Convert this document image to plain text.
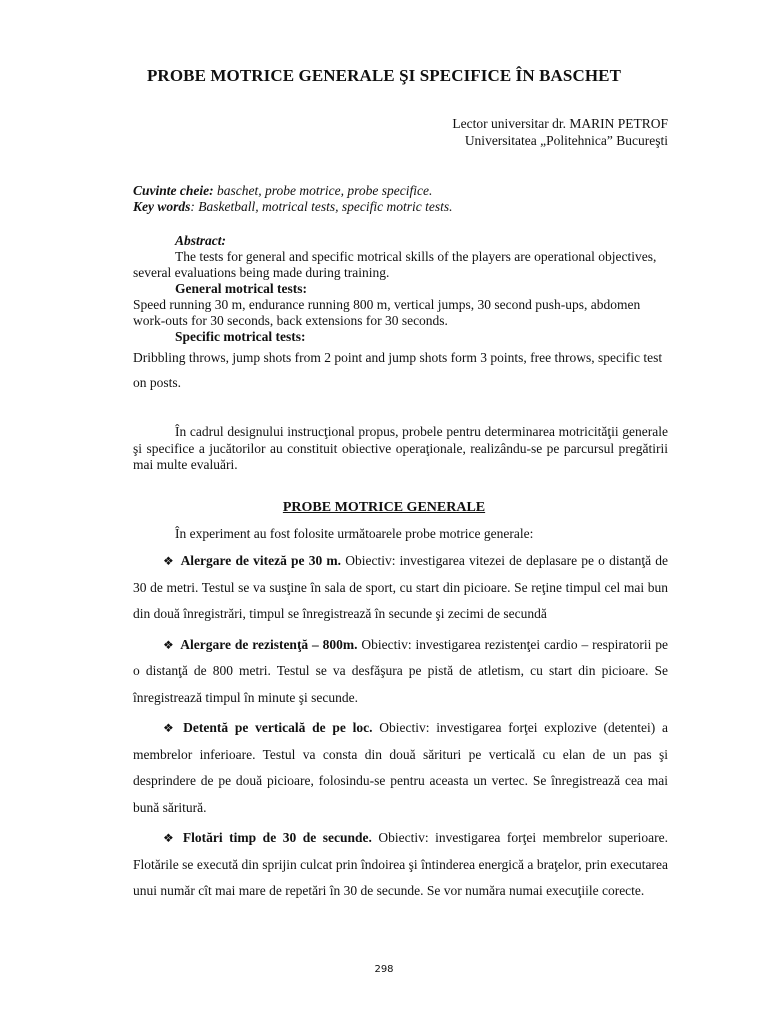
PROBE MOTRICE GENERALE ŞI SPECIFICE ÎN BASCHET
Lector universitar dr. MARIN PETROF
Universitatea „Politehnica” Bucureşti
Cuvinte cheie: baschet, probe motrice, probe specifice.
Key words: Basketball, motrical tests, specific motric tests.

Abstract:

The tests for general and specific motrical skills of the players are operational objectives, several evaluations being made during training.

General motrical tests:

Speed running 30 m, endurance running 800 m, vertical jumps, 30 second push-ups, abdomen work-outs for 30 seconds, back extensions for 30 seconds.

Specific motrical tests:

Dribbling throws, jump shots from 2 point and jump shots form 3 points, free throws, specific test on posts.

În cadrul designului instrucţional propus, probele pentru determinarea motricităţii generale şi specifice a jucătorilor au constituit obiective operaţionale, realizându-se pe parcursul pregătirii mai multe evaluări.

PROBE MOTRICE GENERALE

În experiment au fost folosite următoarele probe motrice generale:

❖ Alergare de viteză pe 30 m. Obiectiv: investigarea vitezei de deplasare pe o distanţă de 30 de metri. Testul se va susţine în sala de sport, cu start din picioare. Se reţine timpul cel mai bun din două înregistrări, timpul se înregistrează în secunde şi zecimi de secundă

❖ Alergare de rezistenţă – 800m. Obiectiv: investigarea rezistenţei cardio – respiratorii pe o distanţă de 800 metri. Testul se va desfăşura pe pistă de atletism, cu start din picioare. Se înregistrează timpul în minute şi secunde.

❖ Detentă pe verticală de pe loc. Obiectiv: investigarea forţei explozive (detentei) a membrelor inferioare. Testul va consta din două sărituri pe verticală cu elan de un pas şi desprindere de pe două picioare, folosindu-se pentru aceasta un vertec. Se înregistrează cea mai bună săritură.

❖ Flotări timp de 30 de secunde. Obiectiv: investigarea forţei membrelor superioare. Flotările se execută din sprijin culcat prin îndoirea şi întinderea energică a braţelor, prin executarea unui număr cît mai mare de repetări în 30 de secunde. Se vor număra numai execuţiile corecte.

298
